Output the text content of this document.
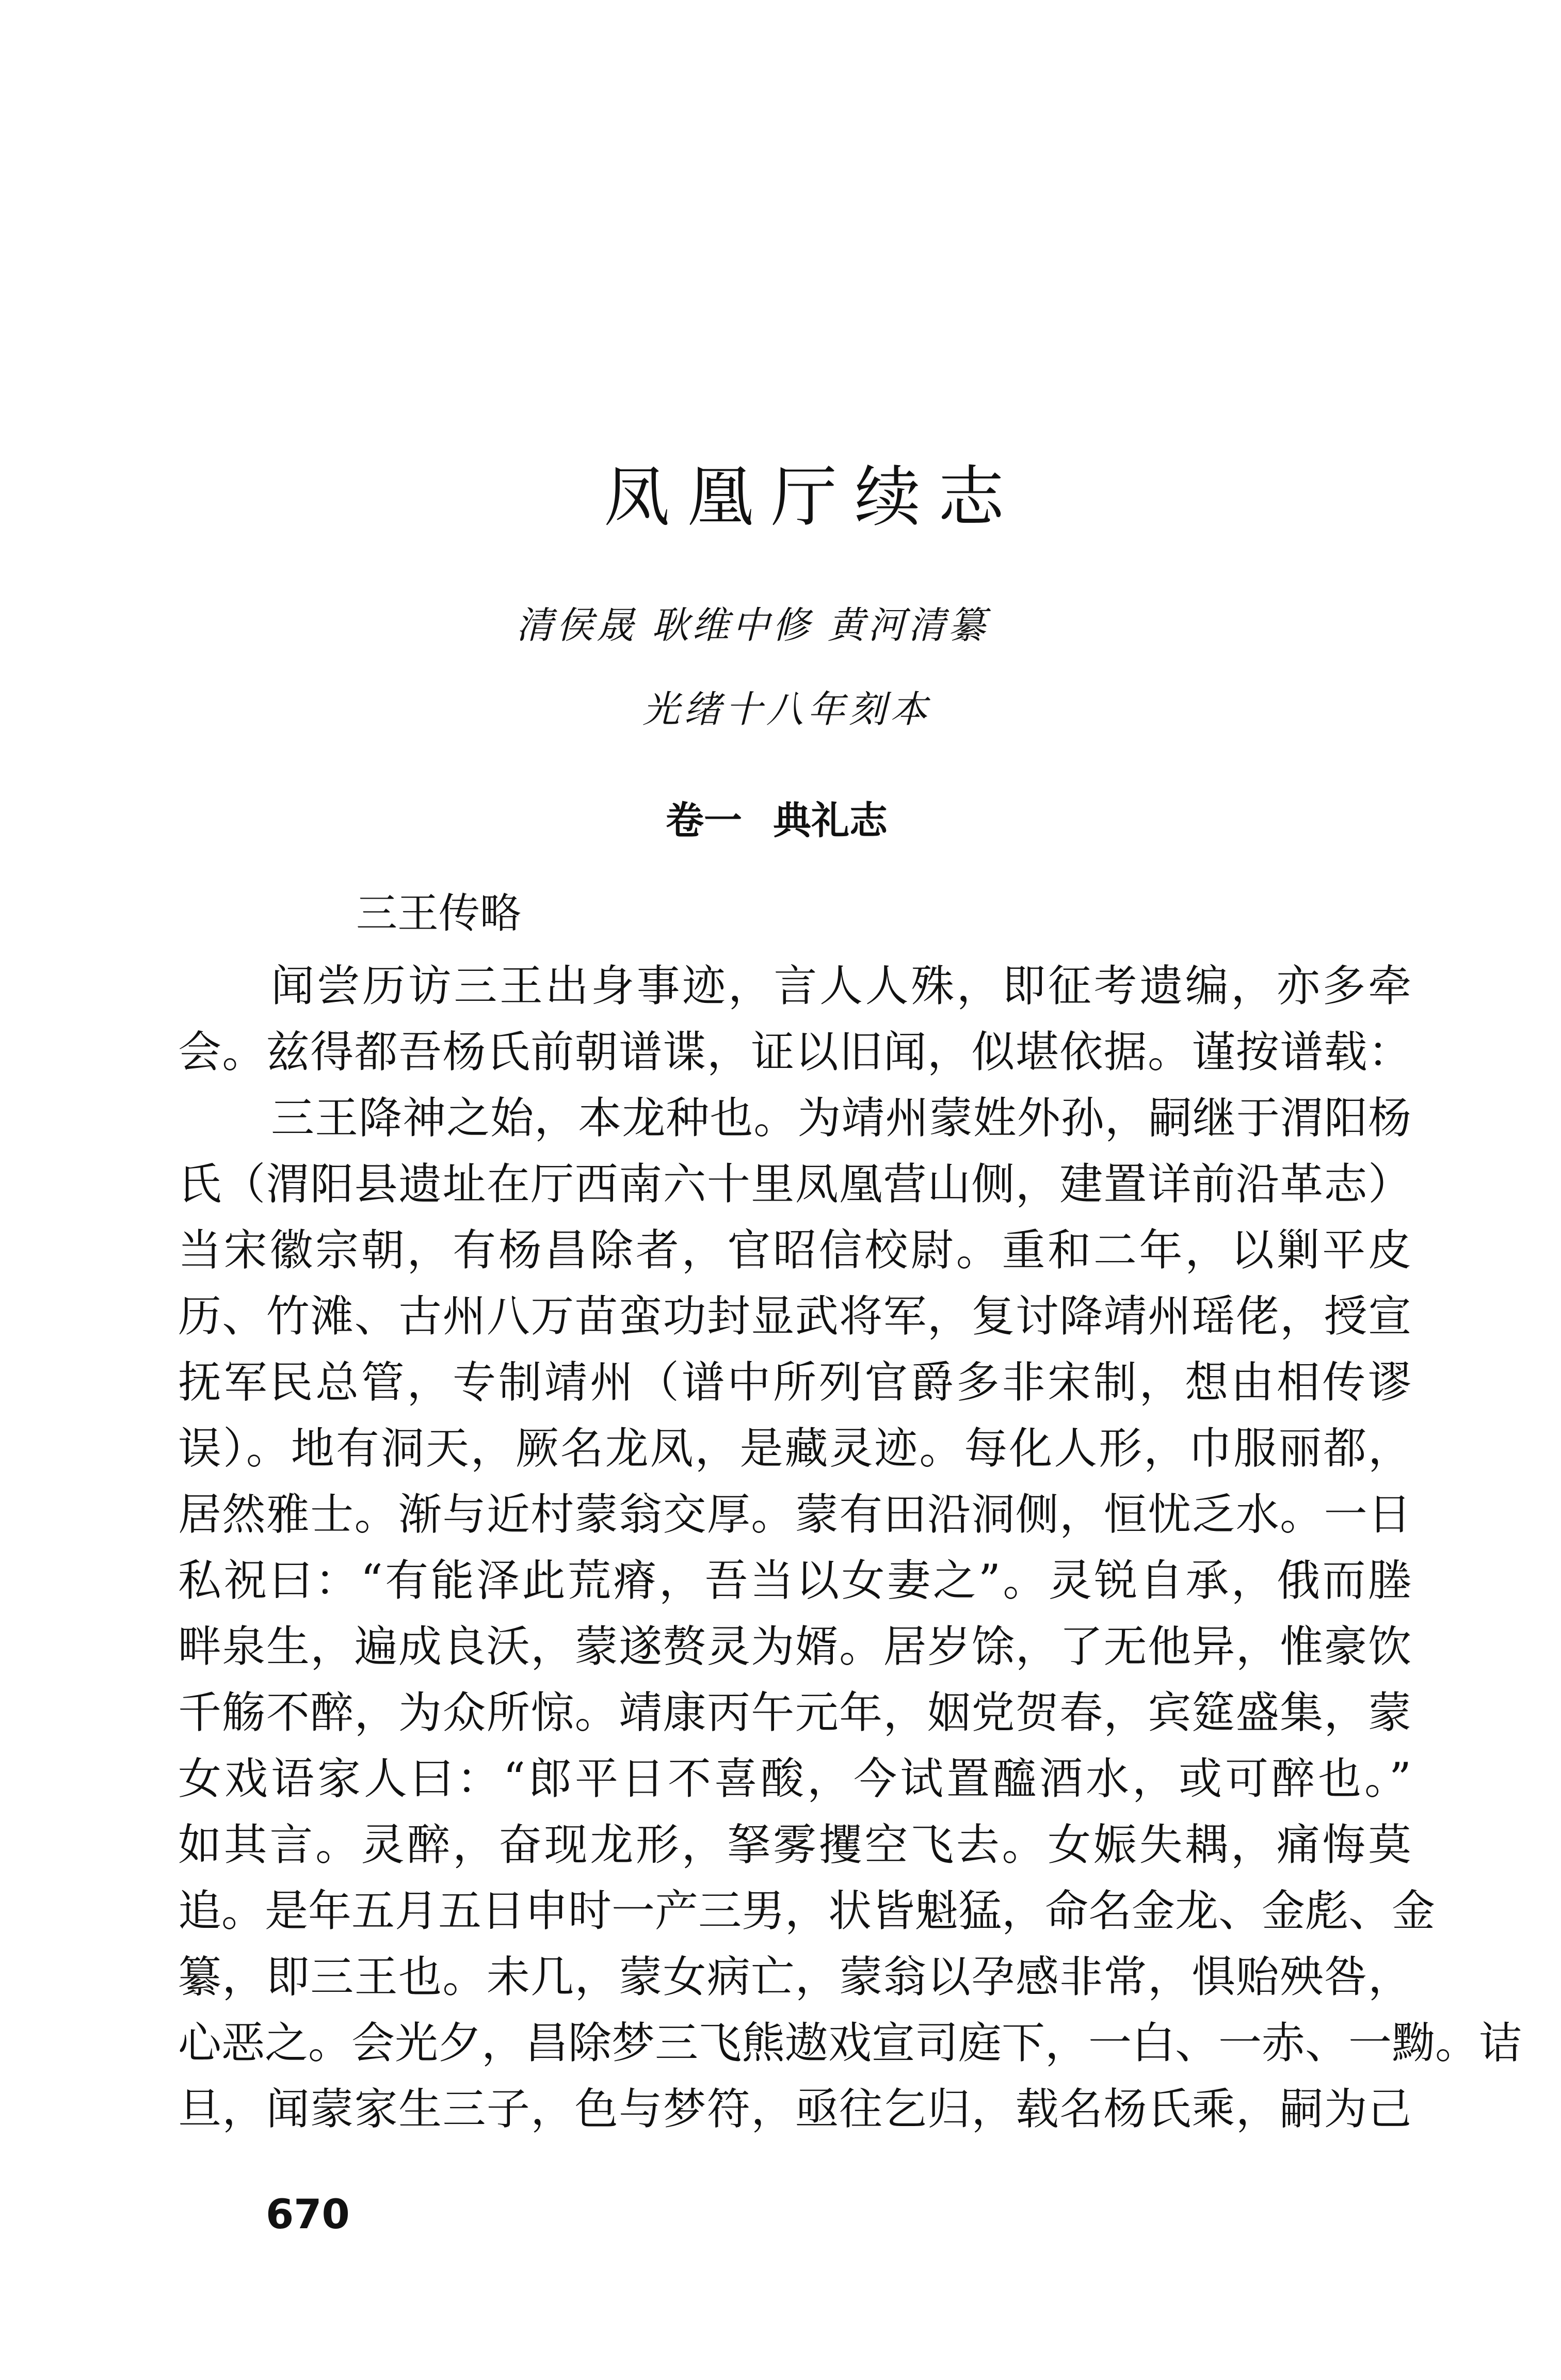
凤凰厅续志
清侯晟 耿维中修 黄河清纂
光绪十八年刻本
卷一 典礼志
三王传略
闻尝历访三王出身事迹，言人人殊，即征考遗编，亦多牵
会。兹得都吾杨氏前朝谱谍，证以旧闻，似堪依据。谨按谱载：
三王降神之始，本龙种也。为靖州蒙姓外孙，嗣继于渭阳杨
氏（渭阳县遗址在厅西南六十里凤凰营山侧，建置详前沿革志）
当宋徽宗朝，有杨昌除者，官昭信校尉。重和二年，以剿平皮
历、竹滩、古州八万苗蛮功封显武将军，复讨降靖州瑶佬，授宣
抚军民总管，专制靖州（谱中所列官爵多非宋制，想由相传谬
误）。地有洞天，厥名龙凤，是藏灵迹。每化人形，巾服丽都，
居然雅士。渐与近村蒙翁交厚。蒙有田沿洞侧，恒忧乏水。一日
私祝曰：“有能泽此荒瘠，吾当以女妻之”。灵锐自承，俄而塍
畔泉生，遍成良沃，蒙遂赘灵为婿。居岁馀，了无他异，惟豪饮
千觞不醉，为众所惊。靖康丙午元年，姻党贺春，宾筵盛集，蒙
女戏语家人曰：“郎平日不喜酸，今试置醯酒水，或可醉也。”
如其言。灵醉，奋现龙形，拏雾攫空飞去。女娠失耦，痛悔莫
追。是年五月五日申时一产三男，状皆魁猛，命名金龙、金彪、金
纂，即三王也。未几，蒙女病亡，蒙翁以孕感非常，惧贻殃咎，
心恶之。会光夕，昌除梦三飞熊遨戏宣司庭下，一白、一赤、一黝。诘
旦，闻蒙家生三子，色与梦符，亟往乞归，载名杨氏乘，嗣为己
670
